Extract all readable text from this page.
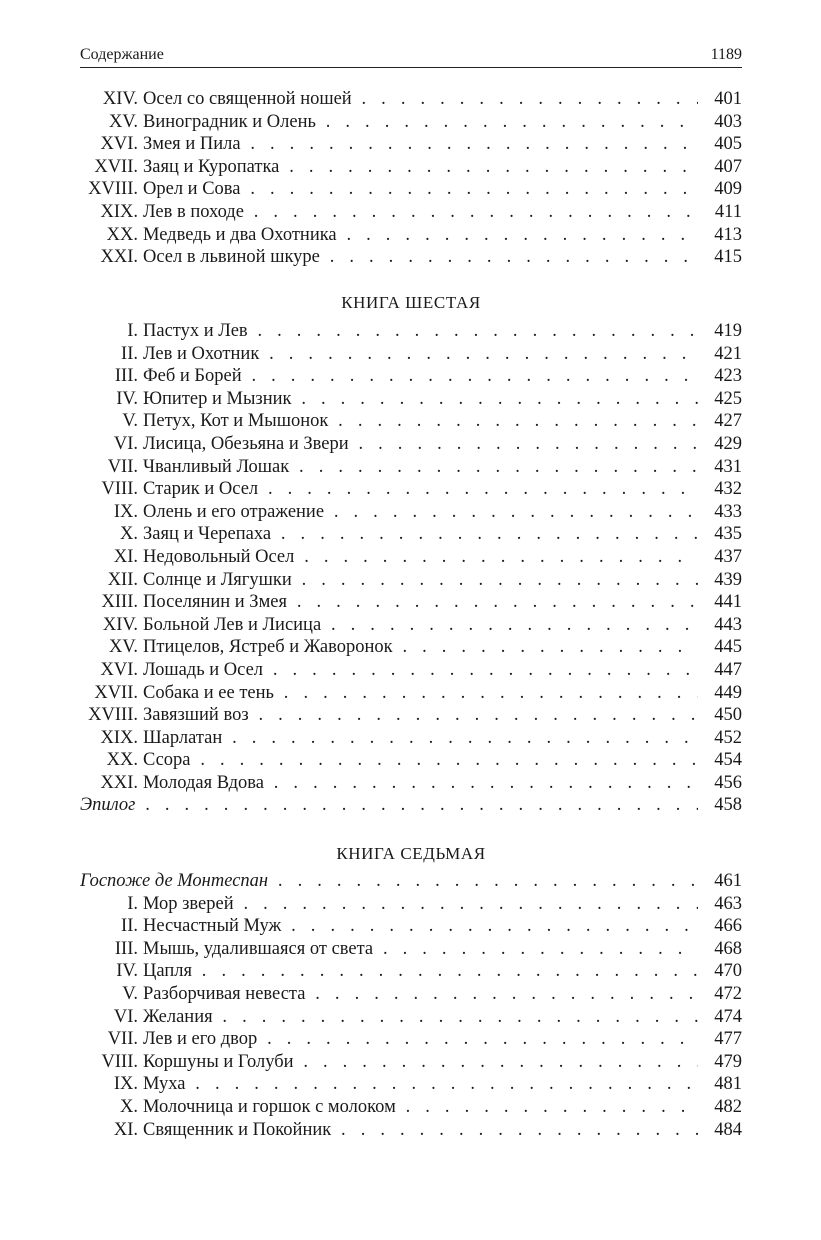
Содержание	1189
XIV. Осел со священной ношей . . .	401
XV. Виноградник и Олень . . .	403
XVI. Змея и Пила . . .	405
XVII. Заяц и Куропатка . . .	407
XVIII. Орел и Сова . . .	409
XIX. Лев в походе . . .	411
XX. Медведь и два Охотника . . .	413
XXI. Осел в львиной шкуре . . .	415
КНИГА ШЕСТАЯ
I. Пастух и Лев . . .	419
II. Лев и Охотник . . .	421
III. Феб и Борей . . .	423
IV. Юпитер и Мызник . . .	425
V. Петух, Кот и Мышонок . . .	427
VI. Лисица, Обезьяна и Звери . . .	429
VII. Чванливый Лошак . . .	431
VIII. Старик и Осел . . .	432
IX. Олень и его отражение . . .	433
X. Заяц и Черепаха . . .	435
XI. Недовольный Осел . . .	437
XII. Солнце и Лягушки . . .	439
XIII. Поселянин и Змея . . .	441
XIV. Больной Лев и Лисица . . .	443
XV. Птицелов, Ястреб и Жаворонок . . .	445
XVI. Лошадь и Осел . . .	447
XVII. Собака и ее тень . . .	449
XVIII. Завязший воз . . .	450
XIX. Шарлатан . . .	452
XX. Ссора . . .	454
XXI. Молодая Вдова . . .	456
Эпилог . . .	458
КНИГА СЕДЬМАЯ
Госпоже де Монтеспан . . .	461
I. Мор зверей . . .	463
II. Несчастный Муж . . .	466
III. Мышь, удалившаяся от света . . .	468
IV. Цапля . . .	470
V. Разборчивая невеста . . .	472
VI. Желания . . .	474
VII. Лев и его двор . . .	477
VIII. Коршуны и Голуби . . .	479
IX. Муха . . .	481
X. Молочница и горшок с молоком . . .	482
XI. Священник и Покойник . . .	484
